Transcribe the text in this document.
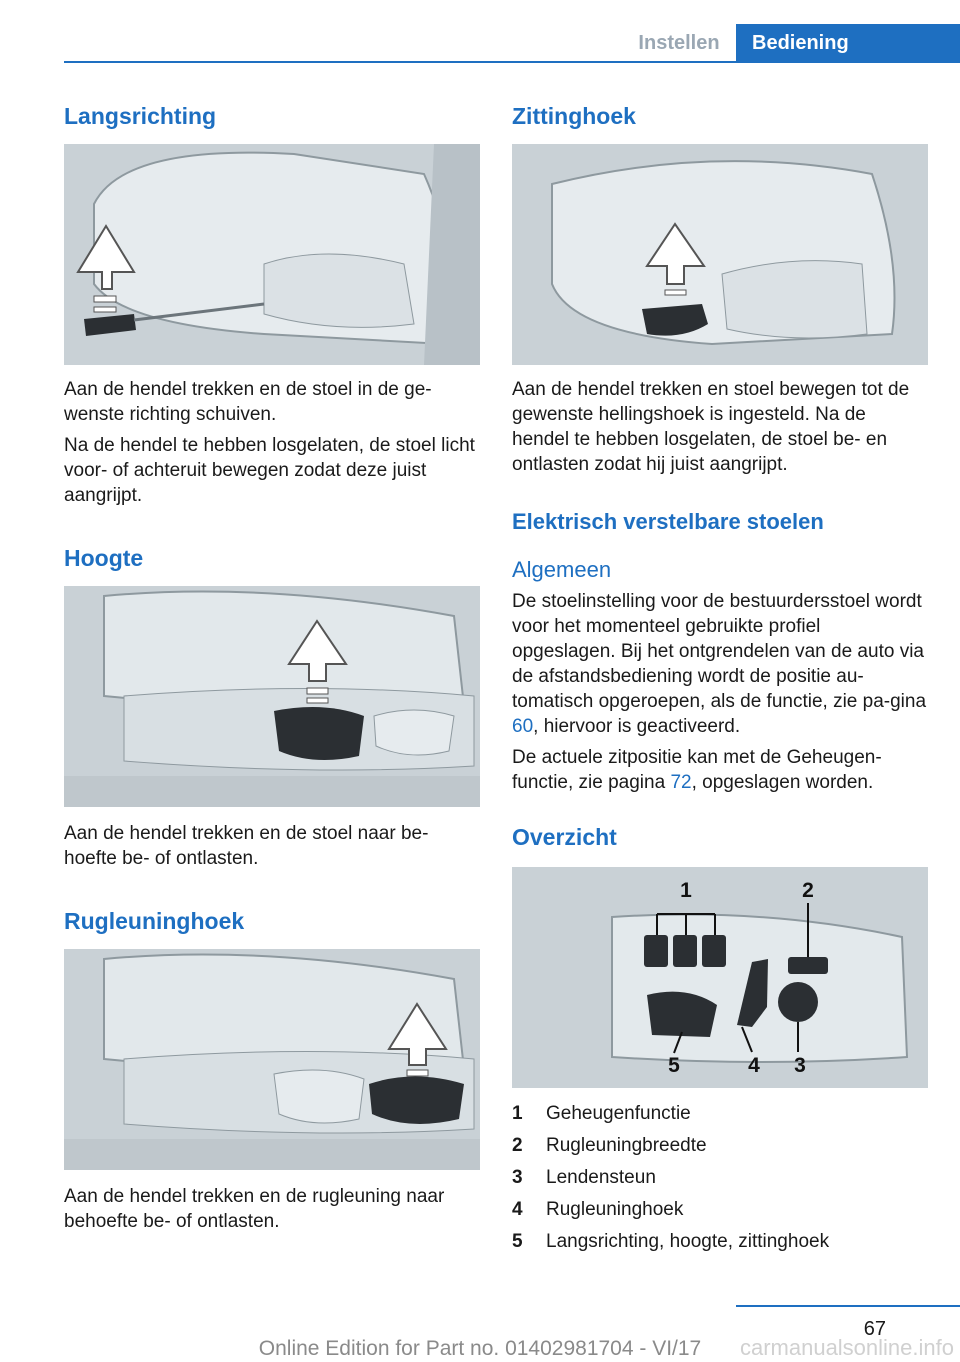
Instellen	Bediening
Langsrichting

Aan de hendel trekken en de stoel in de ge-wenste richting schuiven.

Na de hendel te hebben losgelaten, de stoel licht voor- of achteruit bewegen zodat deze juist aangrijpt.

Hoogte

Aan de hendel trekken en de stoel naar be-hoefte be- of ontlasten.

Rugleuninghoek

Aan de hendel trekken en de rugleuning naar behoefte be- of ontlasten.

Zittinghoek

Aan de hendel trekken en stoel bewegen tot de gewenste hellingshoek is ingesteld. Na de hendel te hebben losgelaten, de stoel be- en ontlasten zodat hij juist aangrijpt.

Elektrisch verstelbare stoelen
Algemeen

De stoelinstelling voor de bestuurdersstoel wordt voor het momenteel gebruikte profiel opgeslagen. Bij het ontgrendelen van de auto via de afstandsbediening wordt de positie au-tomatisch opgeroepen, als de functie, zie pa-gina 60, hiervoor is geactiveerd.

De actuele zitpositie kan met de Geheugen-functie, zie pagina 72, opgeslagen worden.

Overzicht
1	2
5	4 3
1	Geheugenfunctie
2	Rugleuningbreedte
3	Lendensteun
4	Rugleuninghoek
5	Langsrichting, hoogte, zittinghoek
67
Online Edition for Part no. 01402981704 - VI/17	carmanualsonline.info
